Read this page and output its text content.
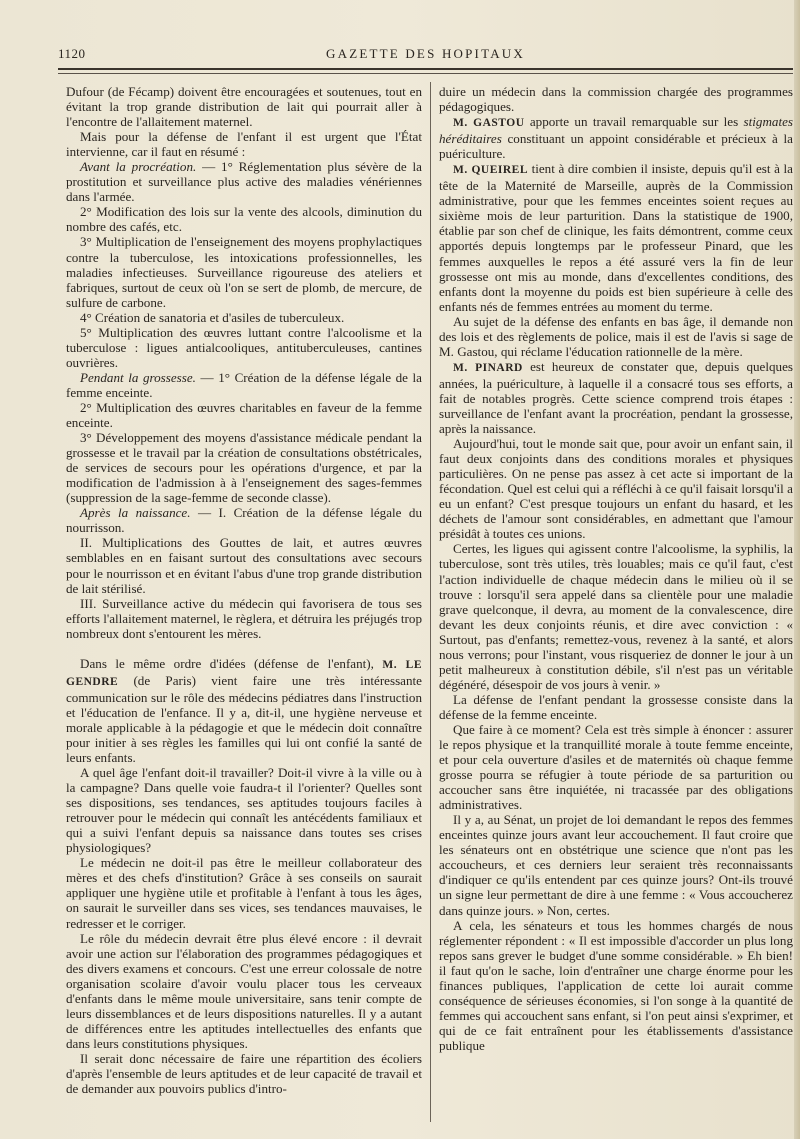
1120	GAZETTE DES HOPITAUX

Dufour (de Fécamp) doivent être encouragées et soutenues, tout en évitant la trop grande distribution de lait qui pourrait aller à l'encontre de l'allaitement maternel.

Mais pour la défense de l'enfant il est urgent que l'État intervienne, car il faut en résumé :

Avant la procréation. — 1° Réglementation plus sévère de la prostitution et surveillance plus active des maladies vénériennes dans l'armée.

2° Modification des lois sur la vente des alcools, diminution du nombre des cafés, etc.

3° Multiplication de l'enseignement des moyens prophylactiques contre la tuberculose, les intoxications professionnelles, les maladies infectieuses. Surveillance rigoureuse des ateliers et fabriques, surtout de ceux où l'on se sert de plomb, de mercure, de sulfure de carbone.

4° Création de sanatoria et d'asiles de tuberculeux.

5° Multiplication des œuvres luttant contre l'alcoolisme et la tuberculose : ligues antialcooliques, antituberculeuses, cantines ouvrières.

Pendant la grossesse. — 1° Création de la défense légale de la femme enceinte.

2° Multiplication des œuvres charitables en faveur de la femme enceinte.

3° Développement des moyens d'assistance médicale pendant la grossesse et le travail par la création de consultations obstétricales, de services de secours pour les opérations d'urgence, et par la modification de l'admission à à l'enseignement des sages-femmes (suppression de la sage-femme de seconde classe).

Après la naissance. — I. Création de la défense légale du nourrisson.

II. Multiplications des Gouttes de lait, et autres œuvres semblables en en faisant surtout des consultations avec secours pour le nourrisson et en évitant l'abus d'une trop grande distribution de lait stérilisé.

III. Surveillance active du médecin qui favorisera de tous ses efforts l'allaitement maternel, le règlera, et détruira les préjugés trop nombreux dont s'entourent les mères.

Dans le même ordre d'idées (défense de l'enfant), M. LE GENDRE (de Paris) vient faire une très intéressante communication sur le rôle des médecins pédiatres dans l'instruction et l'éducation de l'enfance. Il y a, dit-il, une hygiène nerveuse et morale applicable à la pédagogie et que le médecin doit connaître pour initier à ses règles les familles qui lui ont confié la santé de leurs enfants.

A quel âge l'enfant doit-il travailler? Doit-il vivre à la ville ou à la campagne? Dans quelle voie faudra-t il l'orienter? Quelles sont ses dispositions, ses tendances, ses aptitudes toujours faciles à retrouver pour le médecin qui connaît les antécédents familiaux et qui a suivi l'enfant depuis sa naissance dans toutes ses crises physiologiques?

Le médecin ne doit-il pas être le meilleur collaborateur des mères et des chefs d'institution? Grâce à ses conseils on saurait appliquer une hygiène utile et profitable à l'enfant à tous les âges, on saurait le surveiller dans ses vices, ses tendances mauvaises, le redresser et le corriger.

Le rôle du médecin devrait être plus élevé encore : il devrait avoir une action sur l'élaboration des programmes pédagogiques et des divers examens et concours. C'est une erreur colossale de notre organisation scolaire d'avoir voulu placer tous les cerveaux d'enfants dans le même moule universitaire, sans tenir compte de leurs dissemblances et de leurs dispositions naturelles. Il y a autant de différences entre les aptitudes intellectuelles des enfants que dans leurs constitutions physiques.

Il serait donc nécessaire de faire une répartition des écoliers d'après l'ensemble de leurs aptitudes et de leur capacité de travail et de demander aux pouvoirs publics d'intro-

duire un médecin dans la commission chargée des programmes pédagogiques.

M. GASTOU apporte un travail remarquable sur les stigmates héréditaires constituant un appoint considérable et précieux à la puériculture.

M. QUEIREL tient à dire combien il insiste, depuis qu'il est à la tête de la Maternité de Marseille, auprès de la Commission administrative, pour que les femmes enceintes soient reçues au sixième mois de leur parturition. Dans la statistique de 1900, établie par son chef de clinique, les faits démontrent, comme ceux apportés depuis longtemps par le professeur Pinard, que les femmes auxquelles le repos a été assuré vers la fin de leur grossesse ont mis au monde, dans d'excellentes conditions, des enfants dont la moyenne du poids est bien supérieure à celle des enfants nés de femmes entrées au moment du terme.

Au sujet de la défense des enfants en bas âge, il demande non des lois et des règlements de police, mais il est de l'avis si sage de M. Gastou, qui réclame l'éducation rationnelle de la mère.

M. PINARD est heureux de constater que, depuis quelques années, la puériculture, à laquelle il a consacré tous ses efforts, a fait de notables progrès. Cette science comprend trois étapes : surveillance de l'enfant avant la procréation, pendant la grossesse, après la naissance.

Aujourd'hui, tout le monde sait que, pour avoir un enfant sain, il faut deux conjoints dans des conditions morales et physiques particulières. On ne pense pas assez à cet acte si important de la fécondation. Quel est celui qui a réfléchi à ce qu'il faisait lorsqu'il a eu un enfant? C'est presque toujours un enfant du hasard, et les déchets de l'amour sont considérables, en admettant que l'amour présidât à toutes ces unions.

Certes, les ligues qui agissent contre l'alcoolisme, la syphilis, la tuberculose, sont très utiles, très louables; mais ce qu'il faut, c'est l'action individuelle de chaque médecin dans le milieu où il se trouve : lorsqu'il sera appelé dans sa clientèle pour une maladie grave quelconque, il devra, au moment de la convalescence, dire devant les deux conjoints réunis, et dire avec conviction : « Surtout, pas d'enfants; remettez-vous, revenez à la santé, et alors nous verrons; pour l'instant, vous risqueriez de donner le jour à un petit malheureux à constitution débile, s'il n'est pas un véritable dégénéré, désespoir de vos jours à venir. »

La défense de l'enfant pendant la grossesse consiste dans la défense de la femme enceinte.

Que faire à ce moment? Cela est très simple à énoncer : assurer le repos physique et la tranquillité morale à toute femme enceinte, et pour cela ouverture d'asiles et de maternités où chaque femme grosse pourra se réfugier à toute période de sa parturition ou accoucher sans être inquiétée, ni tracassée par des obligations administratives.

Il y a, au Sénat, un projet de loi demandant le repos des femmes enceintes quinze jours avant leur accouchement. Il faut croire que les sénateurs ont en obstétrique une science que n'ont pas les accoucheurs, et ces derniers leur seraient très reconnaissants d'indiquer ce qu'ils entendent par ces quinze jours? Ont-ils trouvé un signe leur permettant de dire à une femme : « Vous accoucherez dans quinze jours. » Non, certes.

A cela, les sénateurs et tous les hommes chargés de nous réglementer répondent : « Il est impossible d'accorder un plus long repos sans grever le budget d'une somme considérable. » Eh bien! il faut qu'on le sache, loin d'entraîner une charge énorme pour les finances publiques, l'application de cette loi aurait comme conséquence de sérieuses économies, si l'on songe à la quantité de femmes qui accouchent sans enfant, si l'on peut ainsi s'exprimer, et qui de ce fait entraînent pour les établissements d'assistance publique
